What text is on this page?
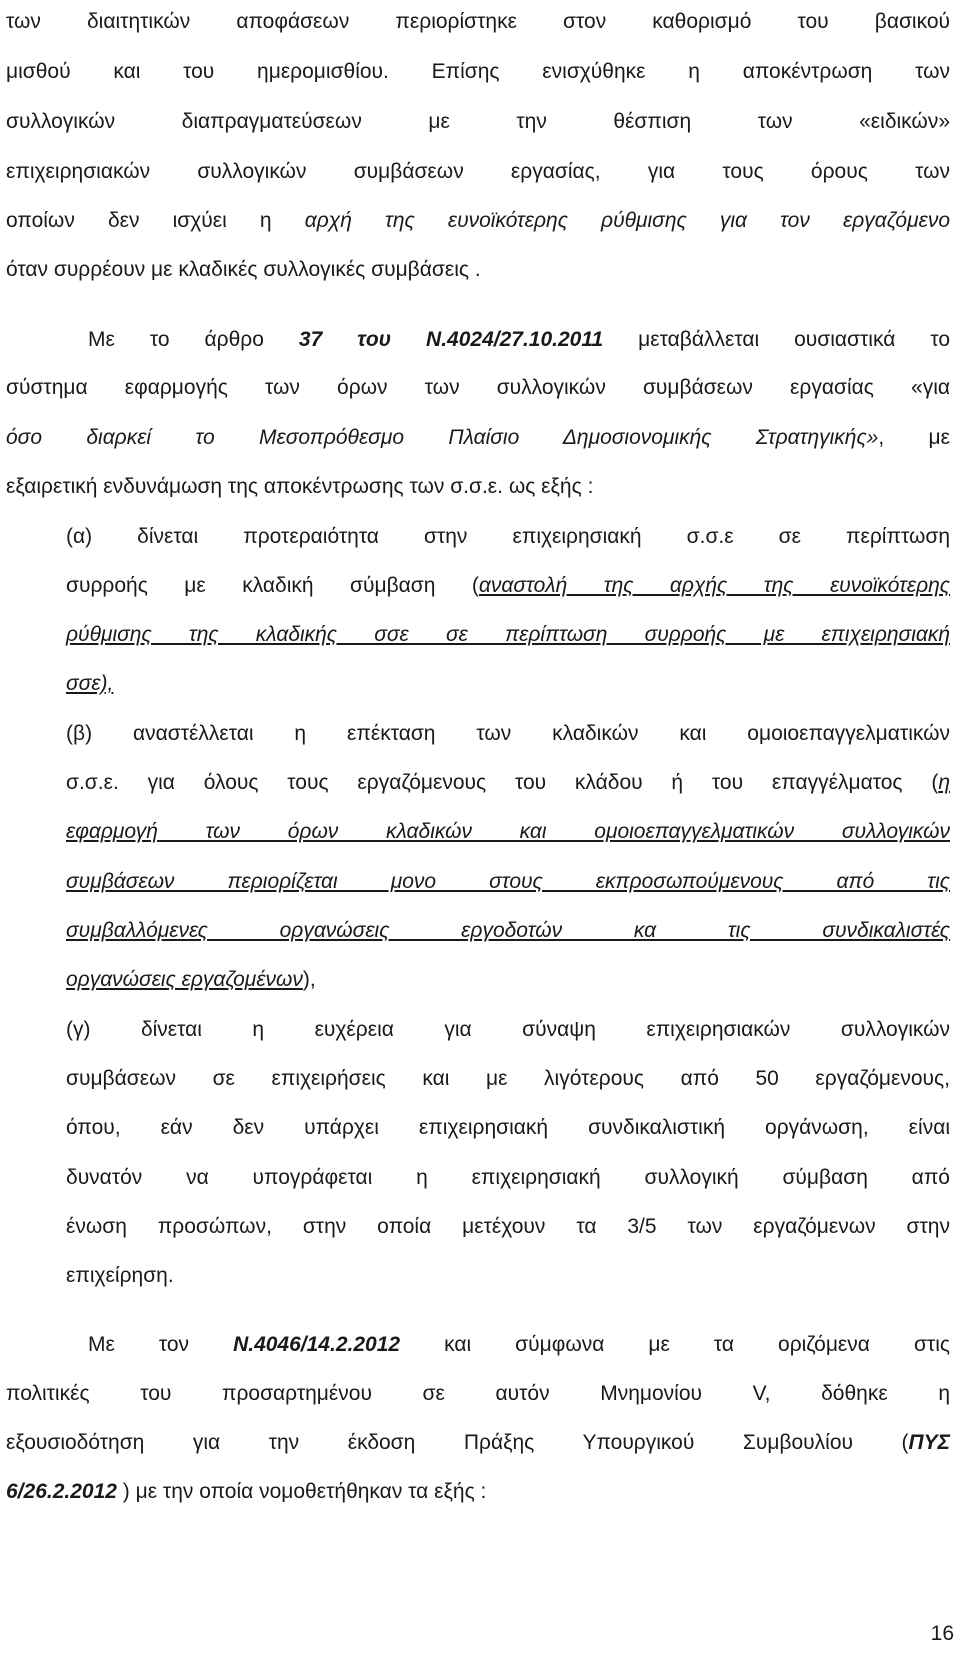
των διαιτητικών αποφάσεων περιορίστηκε στον καθορισμό του βασικού
μισθού και του ημερομισθίου. Επίσης ενισχύθηκε η αποκέντρωση των
συλλογικών διαπραγματεύσεων με την θέσπιση των «ειδικών»
επιχειρησιακών συλλογικών συμβάσεων εργασίας, για τους όρους των
οποίων δεν ισχύει η αρχή της ευνοϊκότερης ρύθμισης για τον εργαζόμενο
όταν συρρέουν με κλαδικές συλλογικές συμβάσεις .
Με το άρθρο 37 του Ν.4024/27.10.2011 μεταβάλλεται ουσιαστικά το
σύστημα εφαρμογής των όρων των συλλογικών συμβάσεων εργασίας «για
όσο διαρκεί το Μεσοπρόθεσμο Πλαίσιο Δημοσιονομικής Στρατηγικής», με
εξαιρετική ενδυνάμωση της αποκέντρωσης των σ.σ.ε. ως εξής :
(α) δίνεται προτεραιότητα στην επιχειρησιακή σ.σ.ε σε περίπτωση
συρροής με κλαδική σύμβαση (αναστολή της αρχής της ευνοϊκότερης
ρύθμισης της κλαδικής σσε σε περίπτωση συρροής με επιχειρησιακή
σσε),
(β) αναστέλλεται η επέκταση των κλαδικών και ομοιοεπαγγελματικών
σ.σ.ε. για όλους τους εργαζόμενους του κλάδου ή του επαγγέλματος (η
εφαρμογή των όρων κλαδικών και ομοιοεπαγγελματικών συλλογικών
συμβάσεων περιορίζεται μονο στους εκπροσωπούμενους από τις
συμβαλλόμενες οργανώσεις εργοδοτών κα τις συνδικαλιστές
οργανώσεις εργαζομένων),
(γ) δίνεται η ευχέρεια για σύναψη επιχειρησιακών συλλογικών
συμβάσεων σε επιχειρήσεις και με λιγότερους από 50 εργαζόμενους,
όπου, εάν δεν υπάρχει επιχειρησιακή συνδικαλιστική οργάνωση, είναι
δυνατόν να υπογράφεται η επιχειρησιακή συλλογική σύμβαση από
ένωση προσώπων, στην οποία μετέχουν τα 3/5 των εργαζόμενων στην
επιχείρηση.
Με τον Ν.4046/14.2.2012 και σύμφωνα με τα οριζόμενα στις
πολιτικές του προσαρτημένου σε αυτόν Μνημονίου V, δόθηκε η
εξουσιοδότηση για την έκδοση Πράξης Υπουργικού Συμβουλίου (ΠΥΣ
6/26.2.2012 ) με την οποία νομοθετήθηκαν τα εξής :
16
